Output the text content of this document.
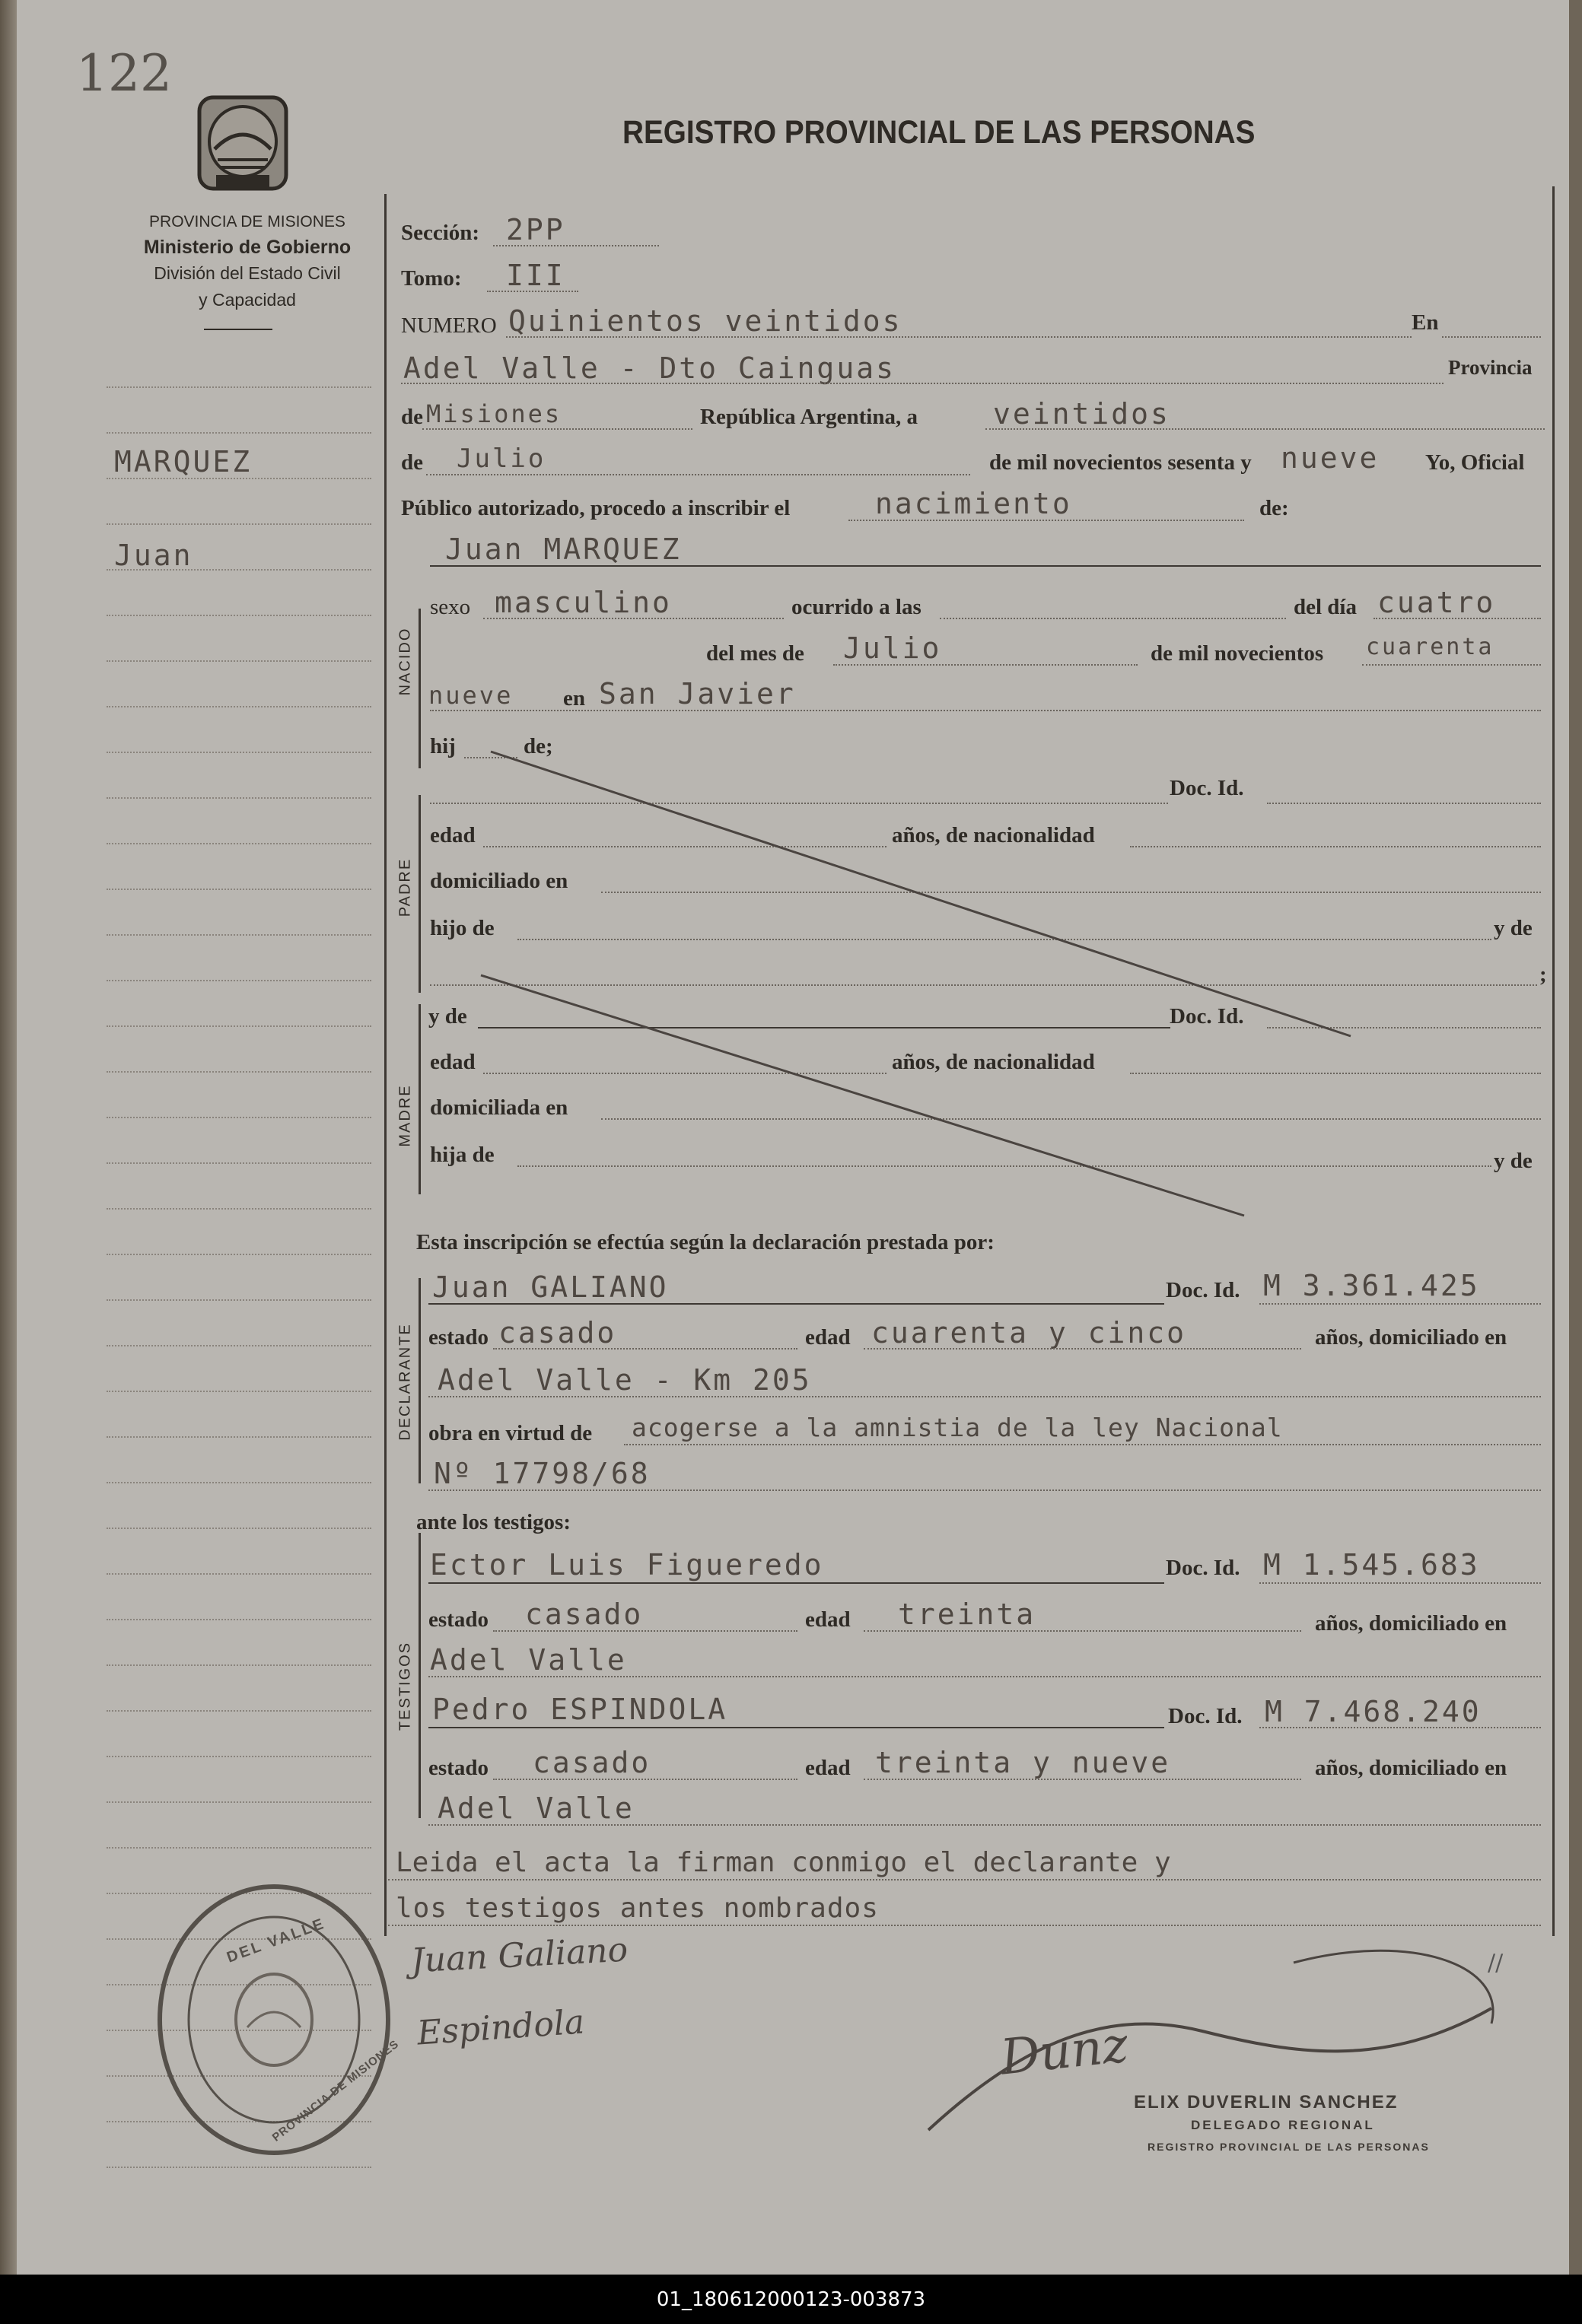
122
PROVINCIA DE MISIONES
Ministerio de Gobierno
División del Estado Civil
y Capacidad
REGISTRO PROVINCIAL DE LAS PERSONAS
MARQUEZ
Juan
NACIDO
PADRE
MADRE
DECLARANTE
TESTIGOS
Sección: 2PP
Tomo: III
NUMERO Quinientos veintidos	En
Adel Valle - Dto Cainguas	Provincia
de Misiones	República Argentina, a	veintidos
de Julio	de mil novecientos sesenta y nueve Yo, Oficial
Público autorizado, procedo a inscribir el	nacimiento	de:
Juan MARQUEZ
sexo masculino	ocurrido a las	del día cuatro
del mes de Julio	de mil novecientos cuarenta
nueve en San Javier
hij	de;
Doc. Id.
edad	años, de nacionalidad
domiciliado en
hijo de	y de
;
y de	Doc. Id.
edad	años, de nacionalidad
domiciliada en
hija de	y de
Esta inscripción se efectúa según la declaración prestada por:
Juan GALIANO	Doc. Id. M 3.361.425
estado casado	edad cuarenta y cinco	años, domiciliado en
Adel Valle - Km 205
obra en virtud de acogerse a la amnistia de la ley Nacional
Nº 17798/68
ante los testigos:
Ector Luis Figueredo	Doc. Id. M 1.545.683
estado casado	edad treinta	años, domiciliado en
Adel Valle
Pedro ESPINDOLA	Doc. Id. M 7.468.240
estado casado	edad treinta y nueve	años, domiciliado en
Adel Valle
Leida el acta la firman conmigo el declarante y
los testigos antes nombrados
Juan Galiano
Espindola	Dunz
//
ELIX DUVERLIN SANCHEZ
DELEGADO REGIONAL
REGISTRO PROVINCIAL DE LAS PERSONAS
DEL VALLE
PROVINCIA DE MISIONES
01_180612000123-003873
